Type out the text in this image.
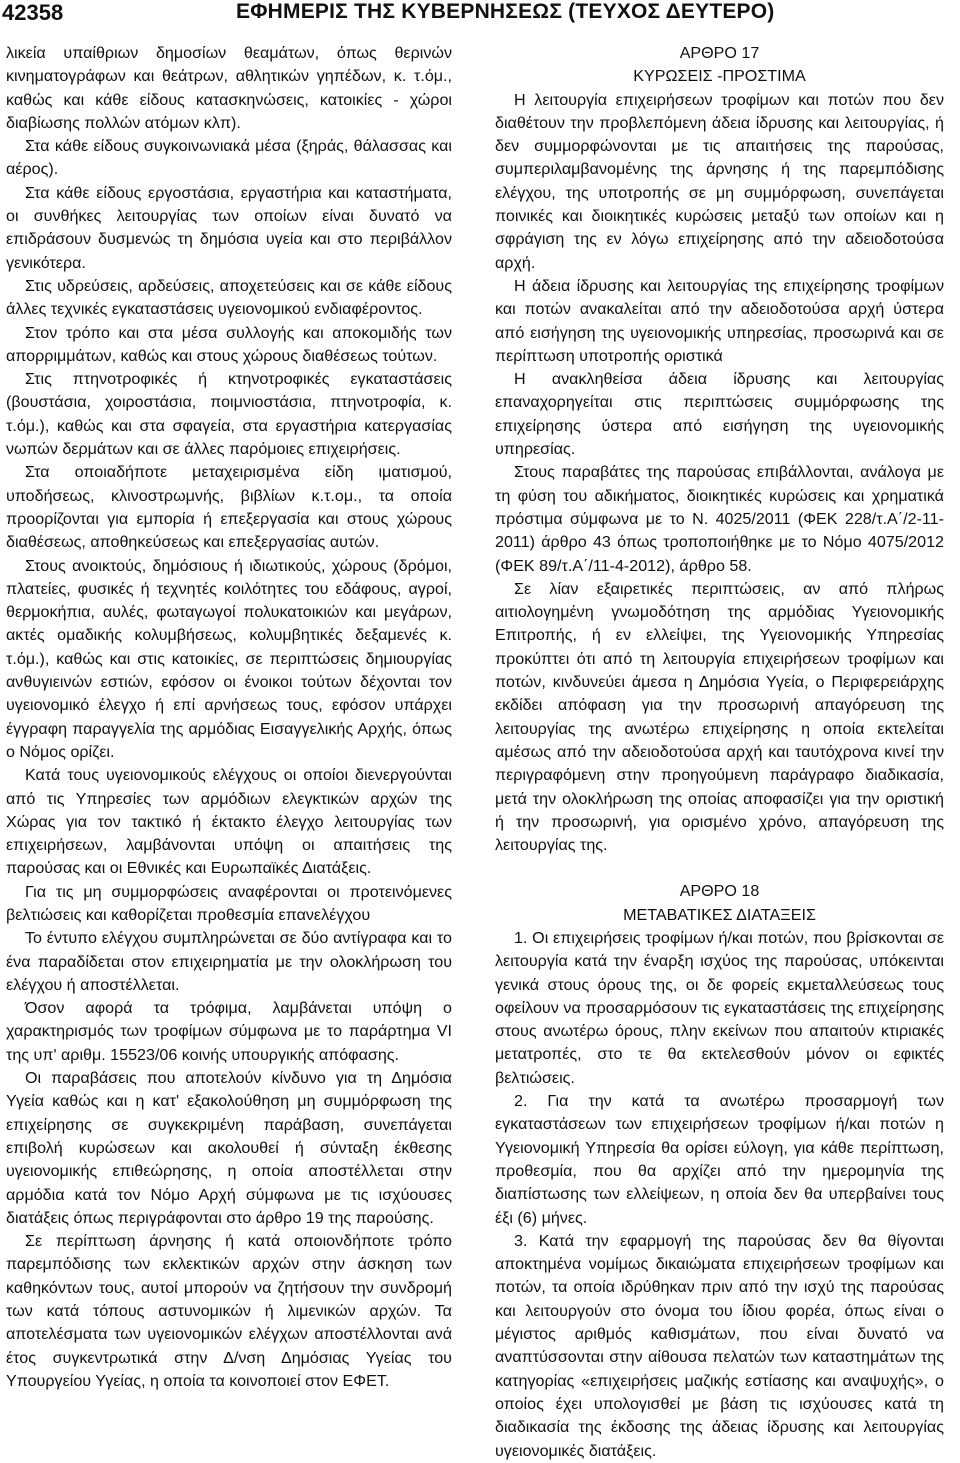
42358	ΕΦΗΜΕΡΙΣ ΤΗΣ ΚΥΒΕΡΝΗΣΕΩΣ (ΤΕΥΧΟΣ ΔΕΥΤΕΡΟ)

λικεία υπαίθριων δημοσίων θεαμάτων, όπως θερινών κινηματογράφων και θεάτρων, αθλητικών γηπέδων, κ. τ.όμ., καθώς και κάθε είδους κατασκηνώσεις, κατοικίες - χώροι διαβίωσης πολλών ατόμων κλπ).

Στα κάθε είδους συγκοινωνιακά μέσα (ξηράς, θάλασσας και αέρος).

Στα κάθε είδους εργοστάσια, εργαστήρια και καταστήματα, οι συνθήκες λειτουργίας των οποίων είναι δυνατό να επιδράσουν δυσμενώς τη δημόσια υγεία και στο περιβάλλον γενικότερα.

Στις υδρεύσεις, αρδεύσεις, αποχετεύσεις και σε κάθε είδους άλλες τεχνικές εγκαταστάσεις υγειονομικού ενδιαφέροντος.

Στον τρόπο και στα μέσα συλλογής και αποκομιδής των απορριμμάτων, καθώς και στους χώρους διαθέσεως τούτων.

Στις πτηνοτροφικές ή κτηνοτροφικές εγκαταστάσεις (βουστάσια, χοιροστάσια, ποιμνιοστάσια, πτηνοτροφία, κ. τ.όμ.), καθώς και στα σφαγεία, στα εργαστήρια κατεργασίας νωπών δερμάτων και σε άλλες παρόμοιες επιχειρήσεις.

Στα οποιαδήποτε μεταχειρισμένα είδη ιματισμού, υποδήσεως, κλινοστρωμνής, βιβλίων κ.τ.ομ., τα οποία προορίζονται για εμπορία ή επεξεργασία και στους χώρους διαθέσεως, αποθηκεύσεως και επεξεργασίας αυτών.

Στους ανοικτούς, δημόσιους ή ιδιωτικούς, χώρους (δρόμοι, πλατείες, φυσικές ή τεχνητές κοιλότητες του εδάφους, αγροί, θερμοκήπια, αυλές, φωταγωγοί πολυκατοικιών και μεγάρων, ακτές ομαδικής κολυμβήσεως, κολυμβητικές δεξαμενές κ. τ.όμ.), καθώς και στις κατοικίες, σε περιπτώσεις δημιουργίας ανθυγιεινών εστιών, εφόσον οι ένοικοι τούτων δέχονται τον υγειονομικό έλεγχο ή επί αρνήσεως τους, εφόσον υπάρχει έγγραφη παραγγελία της αρμόδιας Εισαγγελικής Αρχής, όπως ο Νόμος ορίζει.

Κατά τους υγειονομικούς ελέγχους οι οποίοι διενεργούνται από τις Υπηρεσίες των αρμόδιων ελεγκτικών αρχών της Χώρας για τον τακτικό ή έκτακτο έλεγχο λειτουργίας των επιχειρήσεων, λαμβάνονται υπόψη οι απαιτήσεις της παρούσας και οι Εθνικές και Ευρωπαϊκές Διατάξεις.

Για τις μη συμμορφώσεις αναφέρονται οι προτεινόμενες βελτιώσεις και καθορίζεται προθεσμία επανελέγχου

Το έντυπο ελέγχου συμπληρώνεται σε δύο αντίγραφα και το ένα παραδίδεται στον επιχειρηματία με την ολοκλήρωση του ελέγχου ή αποστέλλεται.

Όσον αφορά τα τρόφιμα, λαμβάνεται υπόψη ο χαρακτηρισμός των τροφίμων σύμφωνα με το παράρτημα VI της υπ' αριθμ. 15523/06 κοινής υπουργικής απόφασης.

Οι παραβάσεις που αποτελούν κίνδυνο για τη Δημόσια Υγεία καθώς και η κατ' εξακολούθηση μη συμμόρφωση της επιχείρησης σε συγκεκριμένη παράβαση, συνεπάγεται επιβολή κυρώσεων και ακολουθεί ή σύνταξη έκθεσης υγειονομικής επιθεώρησης, η οποία αποστέλλεται στην αρμόδια κατά τον Νόμο Αρχή σύμφωνα με τις ισχύουσες διατάξεις όπως περιγράφονται στο άρθρο 19 της παρούσης.

Σε περίπτωση άρνησης ή κατά οποιονδήποτε τρόπο παρεμπόδισης των εκλεκτικών αρχών στην άσκηση των καθηκόντων τους, αυτοί μπορούν να ζητήσουν την συνδρομή των κατά τόπους αστυνομικών ή λιμενικών αρχών. Τα αποτελέσματα των υγειονομικών ελέγχων αποστέλλονται ανά έτος συγκεντρωτικά στην Δ/νση Δημόσιας Υγείας του Υπουργείου Υγείας, η οποία τα κοινοποιεί στον ΕΦΕΤ.

ΑΡΘΡΟ 17

ΚΥΡΩΣΕΙΣ -ΠΡΟΣΤΙΜΑ

Η λειτουργία επιχειρήσεων τροφίμων και ποτών που δεν διαθέτουν την προβλεπόμενη άδεια ίδρυσης και λειτουργίας, ή δεν συμμορφώνονται με τις απαιτήσεις της παρούσας, συμπεριλαμβανομένης της άρνησης ή της παρεμπόδισης ελέγχου, της υποτροπής σε μη συμμόρφωση, συνεπάγεται ποινικές και διοικητικές κυρώσεις μεταξύ των οποίων και η σφράγιση της εν λόγω επιχείρησης από την αδειοδοτούσα αρχή.

Η άδεια ίδρυσης και λειτουργίας της επιχείρησης τροφίμων και ποτών ανακαλείται από την αδειοδοτούσα αρχή ύστερα από εισήγηση της υγειονομικής υπηρεσίας, προσωρινά και σε περίπτωση υποτροπής οριστικά

Η ανακληθείσα άδεια ίδρυσης και λειτουργίας επαναχορηγείται στις περιπτώσεις συμμόρφωσης της επιχείρησης ύστερα από εισήγηση της υγειονομικής υπηρεσίας.

Στους παραβάτες της παρούσας επιβάλλονται, ανάλογα με τη φύση του αδικήματος, διοικητικές κυρώσεις και χρηματικά πρόστιμα σύμφωνα με το Ν. 4025/2011 (ΦΕΚ 228/τ.Α΄/2-11-2011) άρθρο 43 όπως τροποποιήθηκε με το Νόμο 4075/2012 (ΦΕΚ 89/τ.Α΄/11-4-2012), άρθρο 58.

Σε λίαν εξαιρετικές περιπτώσεις, αν από πλήρως αιτιολογημένη γνωμοδότηση της αρμόδιας Υγειονομικής Επιτροπής, ή εν ελλείψει, της Υγειονομικής Υπηρεσίας προκύπτει ότι από τη λειτουργία επιχειρήσεων τροφίμων και ποτών, κινδυνεύει άμεσα η Δημόσια Υγεία, ο Περιφερειάρχης εκδίδει απόφαση για την προσωρινή απαγόρευση της λειτουργίας της ανωτέρω επιχείρησης η οποία εκτελείται αμέσως από την αδειοδοτούσα αρχή και ταυτόχρονα κινεί την περιγραφόμενη στην προηγούμενη παράγραφο διαδικασία, μετά την ολοκλήρωση της οποίας αποφασίζει για την οριστική ή την προσωρινή, για ορισμένο χρόνο, απαγόρευση της λειτουργίας της.

ΑΡΘΡΟ 18

ΜΕΤΑΒΑΤΙΚΕΣ ΔΙΑΤΑΞΕΙΣ

1. Οι επιχειρήσεις τροφίμων ή/και ποτών, που βρίσκονται σε λειτουργία κατά την έναρξη ισχύος της παρούσας, υπόκεινται γενικά στους όρους της, οι δε φορείς εκμεταλλεύσεως τους οφείλουν να προσαρμόσουν τις εγκαταστάσεις της επιχείρησης στους ανωτέρω όρους, πλην εκείνων που απαιτούν κτιριακές μετατροπές, στο τε θα εκτελεσθούν μόνον οι εφικτές βελτιώσεις.

2. Για την κατά τα ανωτέρω προσαρμογή των εγκαταστάσεων των επιχειρήσεων τροφίμων ή/και ποτών η Υγειονομική Υπηρεσία θα ορίσει εύλογη, για κάθε περίπτωση, προθεσμία, που θα αρχίζει από την ημερομηνία της διαπίστωσης των ελλείψεων, η οποία δεν θα υπερβαίνει τους έξι (6) μήνες.

3. Κατά την εφαρμογή της παρούσας δεν θα θίγονται αποκτημένα νομίμως δικαιώματα επιχειρήσεων τροφίμων και ποτών, τα οποία ιδρύθηκαν πριν από την ισχύ της παρούσας και λειτουργούν στο όνομα του ίδιου φορέα, όπως είναι ο μέγιστος αριθμός καθισμάτων, που είναι δυνατό να αναπτύσσονται στην αίθουσα πελατών των καταστημάτων της κατηγορίας «επιχειρήσεις μαζικής εστίασης και αναψυχής», ο οποίος έχει υπολογισθεί με βάση τις ισχύουσες κατά τη διαδικασία της έκδοσης της άδειας ίδρυσης και λειτουργίας υγειονομικές διατάξεις.
